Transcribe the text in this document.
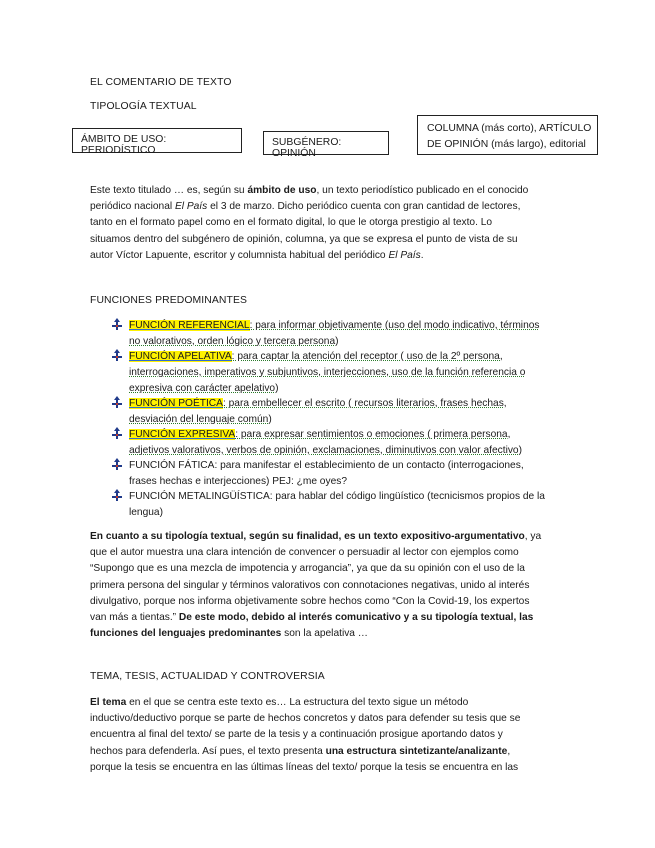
EL COMENTARIO DE TEXTO
TIPOLOGÍA TEXTUAL
ÁMBITO DE USO: PERIODÍSTICO
SUBGÉNERO: OPINIÓN
COLUMNA (más corto), ARTÍCULO
DE OPINIÓN (más largo), editorial
Este texto titulado … es, según su ámbito de uso, un texto periodístico publicado en el conocido
periódico nacional El País el 3 de marzo. Dicho periódico cuenta con gran cantidad de lectores,
tanto en el formato papel como en el formato digital, lo que le otorga prestigio al texto. Lo
situamos dentro del subgénero de opinión, columna, ya que se expresa el punto de vista de su
autor Víctor Lapuente, escritor y columnista habitual del periódico El País.
FUNCIONES PREDOMINANTES
FUNCIÓN REFERENCIAL: para informar objetivamente (uso del modo indicativo, términos
no valorativos, orden lógico y tercera persona)
FUNCIÓN APELATIVA: para captar la atención del receptor ( uso de la 2º persona,
interrogaciones, imperativos y subjuntivos, interjecciones, uso de la función referencia o
expresiva con carácter apelativo)
FUNCIÓN POÉTICA: para embellecer el escrito ( recursos literarios, frases hechas,
desviación del lenguaje común)
FUNCIÓN EXPRESIVA: para expresar sentimientos o emociones ( primera persona,
adjetivos valorativos, verbos de opinión, exclamaciones, diminutivos con valor afectivo)
FUNCIÓN FÁTICA: para manifestar el establecimiento de un contacto (interrogaciones,
frases hechas e interjecciones) PEJ: ¿me oyes?
FUNCIÓN METALINGÜÍSTICA: para hablar del código lingüístico (tecnicismos propios de la
lengua)
En cuanto a su tipología textual, según su finalidad, es un texto expositivo-argumentativo, ya
que el autor muestra una clara intención de convencer o persuadir al lector con ejemplos como
“Supongo que es una mezcla de impotencia y arrogancia”, ya que da su opinión con el uso de la
primera persona del singular y términos valorativos con connotaciones negativas, unido al interés
divulgativo, porque nos informa objetivamente sobre hechos como “Con la Covid-19, los expertos
van más a tientas.” De este modo, debido al interés comunicativo y a su tipología textual, las
funciones del lenguajes predominantes son la apelativa …
TEMA, TESIS, ACTUALIDAD Y CONTROVERSIA
El tema en el que se centra este texto es… La estructura del texto sigue un método
inductivo/deductivo porque se parte de hechos concretos y datos para defender su tesis que se
encuentra al final del texto/ se parte de la tesis y a continuación prosigue aportando datos y
hechos para defenderla. Así pues, el texto presenta una estructura sintetizante/analizante,
porque la tesis se encuentra en las últimas líneas del texto/ porque la tesis se encuentra en las
